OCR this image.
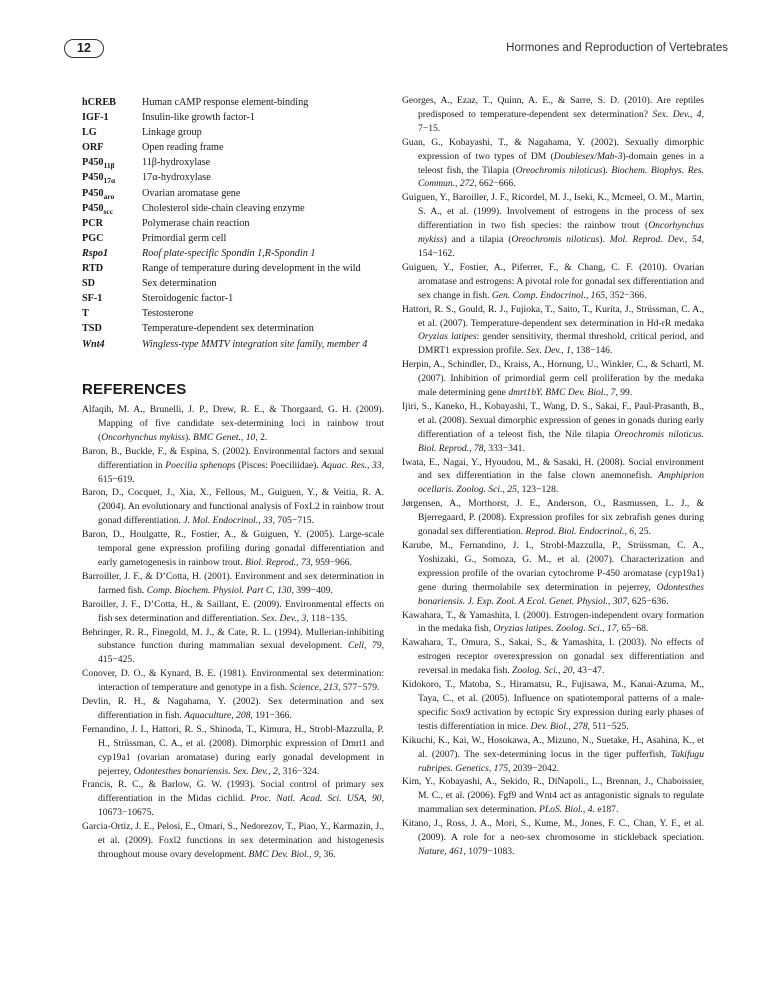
12	Hormones and Reproduction of Vertebrates
hCREB	Human cAMP response element-binding
IGF-1	Insulin-like growth factor-1
LG	Linkage group
ORF	Open reading frame
$P450_{11\beta}$	11β-hydroxylase
$P450_{17\alpha}$	17α-hydroxylase
$P450_{aro}$	Ovarian aromatase gene
$P450_{scc}$	Cholesterol side-chain cleaving enzyme
PCR	Polymerase chain reaction
PGC	Primordial germ cell
Rspo1	Roof plate-specific Spondin 1,R-Spondin 1
RTD	Range of temperature during development in the wild
SD	Sex determination
SF-1	Steroidogenic factor-1
T	Testosterone
TSD	Temperature-dependent sex determination
Wnt4	Wingless-type MMTV integration site family, member 4
REFERENCES

Alfaqih, M. A., Brunelli, J. P., Drew, R. E., & Thorgaard, G. H. (2009). Mapping of five candidate sex-determining loci in rainbow trout (Oncorhynchus mykiss). BMC Genet., 10, 2.

Baron, B., Buckle, F., & Espina, S. (2002). Environmental factors and sexual differentiation in Poecilia sphenops (Pisces: Poeciliidae). Aquac. Res., 33, 615−619.

Baron, D., Cocquet, J., Xia, X., Fellous, M., Guiguen, Y., & Veitia, R. A. (2004). An evolutionary and functional analysis of FoxL2 in rainbow trout gonad differentiation. J. Mol. Endocrinol., 33, 705−715.

Baron, D., Houlgatte, R., Fostier, A., & Guiguen, Y. (2005). Large-scale temporal gene expression profiling during gonadal differentiation and early gametogenesis in rainbow trout. Biol. Reprod., 73, 959−966.

Barroiller, J. F., & D’Cotta, H. (2001). Environment and sex determination in farmed fish. Comp. Biochem. Physiol. Part C, 130, 399−409.

Baroiller, J. F., D’Cotta, H., & Saillant, E. (2009). Environmental effects on fish sex determination and differentiation. Sex. Dev., 3, 118−135.

Behringer, R. R., Finegold, M. J., & Cate, R. L. (1994). Mullerian-inhibiting substance function during mammalian sexual development. Cell, 79, 415−425.

Conover, D. O., & Kynard, B. E. (1981). Environmental sex determination: interaction of temperature and genotype in a fish. Science, 213, 577−579.

Devlin, R. H., & Nagahama, Y. (2002). Sex determination and sex differentiation in fish. Aquaculture, 208, 191−366.

Fernandino, J. I., Hattori, R. S., Shinoda, T., Kimura, H., Strobl-Mazzulla, P. H., Strüssman, C. A., et al. (2008). Dimorphic expression of Dmrt1 and cyp19a1 (ovarian aromatase) during early gonadal development in pejerrey, Odontesthes bonariensis. Sex. Dev., 2, 316−324.

Francis, R. C., & Barlow, G. W. (1993). Social control of primary sex differentiation in the Midas cichlid. Proc. Natl. Acad. Sci. USA, 90, 10673−10675.

Garcia-Ortiz, J. E., Pelosi, E., Omari, S., Nedorezov, T., Piao, Y., Karmazin, J., et al. (2009). Foxl2 functions in sex determination and histogenesis throughout mouse ovary development. BMC Dev. Biol., 9, 36.

Georges, A., Ezaz, T., Quinn, A. E., & Sarre, S. D. (2010). Are reptiles predisposed to temperature-dependent sex determination? Sex. Dev., 4, 7−15.

Guan, G., Kobayashi, T., & Nagahama, Y. (2002). Sexually dimorphic expression of two types of DM (Doublesex/Mab-3)-domain genes in a teleost fish, the Tilapia (Oreochromis niloticus). Biochem. Biophys. Res. Commun., 272, 662−666.

Guiguen, Y., Baroiller, J. F., Ricordel, M. J., Iseki, K., Mcmeel, O. M., Martin, S. A., et al. (1999). Involvement of estrogens in the process of sex differentiation in two fish species: the rainbow trout (Oncorhynchus mykiss) and a tilapia (Oreochromis niloticus). Mol. Reprod. Dev., 54, 154−162.

Guiguen, Y., Fostier, A., Piferrer, F., & Chang, C. F. (2010). Ovarian aromatase and estrogens: A pivotal role for gonadal sex differentiation and sex change in fish. Gen. Comp. Endocrinol., 165, 352−366.

Hattori, R. S., Gould, R. J., Fujioka, T., Saito, T., Kurita, J., Strüssman, C. A., et al. (2007). Temperature-dependent sex determination in Hd-rR medaka Oryzias latipes: gender sensitivity, thermal threshold, critical period, and DMRT1 expression profile. Sex. Dev., 1, 138−146.

Herpin, A., Schindler, D., Kraiss, A., Hornung, U., Winkler, C., & Schartl, M. (2007). Inhibition of primordial germ cell proliferation by the medaka male determining gene dmrt1bY. BMC Dev. Biol., 7, 99.

Ijiri, S., Kaneko, H., Kobayashi, T., Wang, D. S., Sakai, F., Paul-Prasanth, B., et al. (2008). Sexual dimorphic expression of genes in gonads during early differentiation of a teleost fish, the Nile tilapia Oreochromis niloticus. Biol. Reprod., 78, 333−341.

Iwata, E., Nagai, Y., Hyoudou, M., & Sasaki, H. (2008). Social environment and sex differentiation in the false clown anemonefish. Amphiprion ocellaris. Zoolog. Sci., 25, 123−128.

Jørgensen, A., Morthorst, J. E., Anderson, O., Rasmussen, L. J., & Bjerregaard, P. (2008). Expression profiles for six zebrafish genes during gonadal sex differentiation. Reprod. Biol. Endocrinol., 6, 25.

Karube, M., Fernandino, J. I., Strobl-Mazzulla, P., Strüssman, C. A., Yoshizaki, G., Somoza, G. M., et al. (2007). Characterization and expression profile of the ovarian cytochrome P-450 aromatase (cyp19a1) gene during thermolabile sex determination in pejerrey, Odontesthes bonariensis. J. Exp. Zool. A Ecol. Genet. Physiol., 307, 625−636.

Kawahara, T., & Yamashita, I. (2000). Estrogen-independent ovary formation in the medaka fish, Oryzias latipes. Zoolog. Sci., 17, 65−68.

Kawahara, T., Omura, S., Sakai, S., & Yamashita, I. (2003). No effects of estrogen receptor overexpression on gonadal sex differentiation and reversal in medaka fish. Zoolog. Sci., 20, 43−47.

Kidokoro, T., Matoba, S., Hiramatsu, R., Fujisawa, M., Kanai-Azuma, M., Taya, C., et al. (2005). Influence on spatiotemporal patterns of a male-specific Sox9 activation by ectopic Sry expression during early phases of testis differentiation in mice. Dev. Biol., 278, 511−525.

Kikuchi, K., Kai, W., Hosokawa, A., Mizuno, N., Suetake, H., Asahina, K., et al. (2007). The sex-determining locus in the tiger pufferfish, Takifugu rubripes. Genetics, 175, 2039−2042.

Kim, Y., Kobayashi, A., Sekido, R., DiNapoli., L., Brennan, J., Chaboissier, M. C., et al. (2006). Fgf9 and Wnt4 act as antagonistic signals to regulate mammalian sex determination. PLoS. Biol., 4. e187.

Kitano, J., Ross, J. A., Mori, S., Kume, M., Jones, F. C., Chan, Y. F., et al. (2009). A role for a neo-sex chromosome in stickleback speciation. Nature, 461, 1079−1083.
